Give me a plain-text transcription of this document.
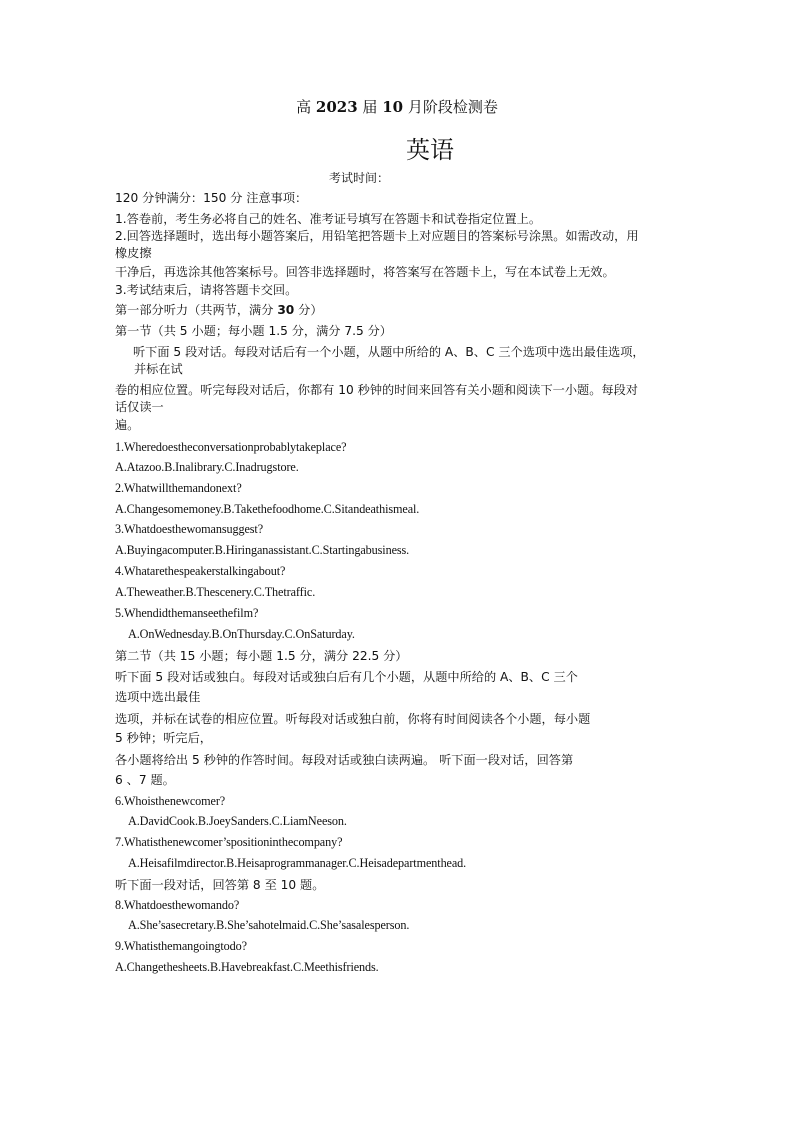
高 2023 届 10 月阶段检测卷
英语
考试时间：
120 分钟满分：150 分 注意事项：
1.答卷前，考生务必将自己的姓名、准考证号填写在答题卡和试卷指定位置上。
2.回答选择题时，选出每小题答案后，用铅笔把答题卡上对应题目的答案标号涂黑。如需改动，用
橡皮擦
干净后，再选涂其他答案标号。回答非选择题时，将答案写在答题卡上，写在本试卷上无效。
3.考试结束后，请将答题卡交回。
第一部分听力（共两节，满分 30 分）
第一节（共 5 小题；每小题 1.5 分，满分 7.5 分）
听下面 5 段对话。每段对话后有一个小题，从题中所给的 A、B、C 三个选项中选出最佳选项，
并标在试
卷的相应位置。听完每段对话后，你都有 10 秒钟的时间来回答有关小题和阅读下一小题。每段对
话仅读一
遍。
1.Wheredoestheconversationprobablytakeplace?
A.Atazoo.B.Inalibrary.C.Inadrugstore.
2.Whatwillthemandonext?
A.Changesomemoney.B.Takethefoodhome.C.Sitandeathismeal.
3.Whatdoesthewomansuggest?
A.Buyingacomputer.B.Hiringanassistant.C.Startingabusiness.
4.Whatarethespeakerstalkingabout?
A.Theweather.B.Thescenery.C.Thetraffic.
5.Whendidthemanseethefilm?
A.OnWednesday.B.OnThursday.C.OnSaturday.
第二节（共 15 小题；每小题 1.5 分，满分 22.5 分）
听下面 5 段对话或独白。每段对话或独白后有几个小题，从题中所给的 A、B、C 三个
选项中选出最佳
选项，并标在试卷的相应位置。听每段对话或独白前，你将有时间阅读各个小题，每小题
5 秒钟；听完后，
各小题将给出 5 秒钟的作答时间。每段对话或独白读两遍。 听下面一段对话，回答第
6 、7 题。
6.Whoisthenewcomer?
A.DavidCook.B.JoeySanders.C.LiamNeeson.
7.Whatisthenewcomer’spositioninthecompany?
A.Heisafilmdirector.B.Heisaprogrammanager.C.Heisadepartmenthead.
听下面一段对话，回答第 8 至 10 题。
8.Whatdoesthewomando?
A.She’sasecretary.B.She’sahotelmaid.C.She’sasalesperson.
9.Whatisthemangoingtodo?
A.Changethesheets.B.Havebreakfast.C.Meethisfriends.
